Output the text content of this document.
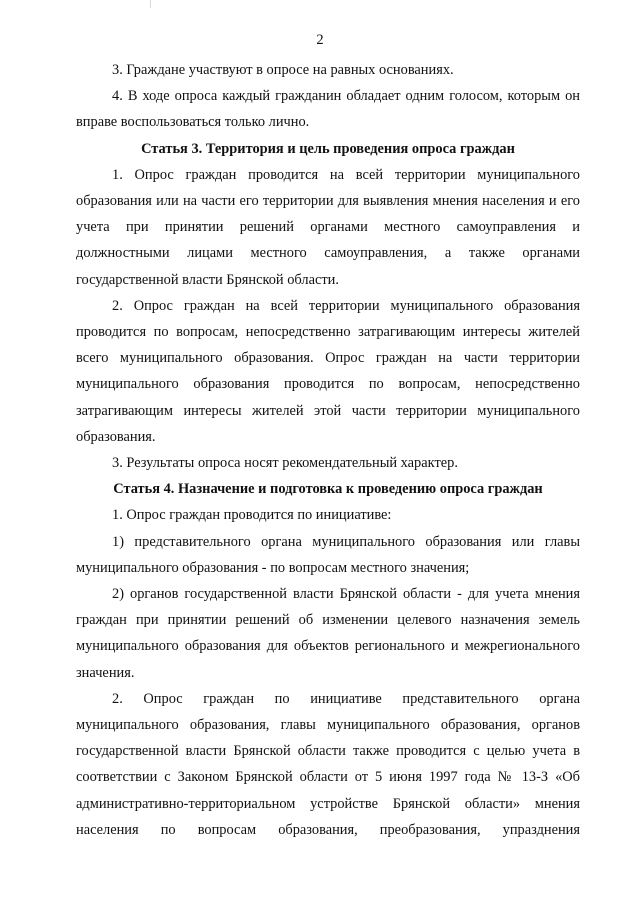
2

3. Граждане участвуют в опросе на равных основаниях.

4. В ходе опроса каждый гражданин обладает одним голосом, которым он вправе воспользоваться только лично.

Статья 3. Территория и цель проведения опроса граждан

1. Опрос граждан проводится на всей территории муниципального образования или на части его территории для выявления мнения населения и его учета при принятии решений органами местного самоуправления и должностными лицами местного самоуправления, а также органами государственной власти Брянской области.

2. Опрос граждан на всей территории муниципального образования проводится по вопросам, непосредственно затрагивающим интересы жителей всего муниципального образования. Опрос граждан на части территории муниципального образования проводится по вопросам, непосредственно затрагивающим интересы жителей этой части территории муниципального образования.

3. Результаты опроса носят рекомендательный характер.

Статья 4. Назначение и подготовка к проведению опроса граждан

1. Опрос граждан проводится по инициативе:

1) представительного органа муниципального образования или главы муниципального образования - по вопросам местного значения;

2) органов государственной власти Брянской области - для учета мнения граждан при принятии решений об изменении целевого назначения земель муниципального образования для объектов регионального и межрегионального значения.

2. Опрос граждан по инициативе представительного органа муниципального образования, главы муниципального образования, органов государственной власти Брянской области также проводится с целью учета в соответствии с Законом Брянской области от 5 июня 1997 года № 13-З «Об административно-территориальном устройстве Брянской области» мнения населения по вопросам образования, преобразования, упразднения
